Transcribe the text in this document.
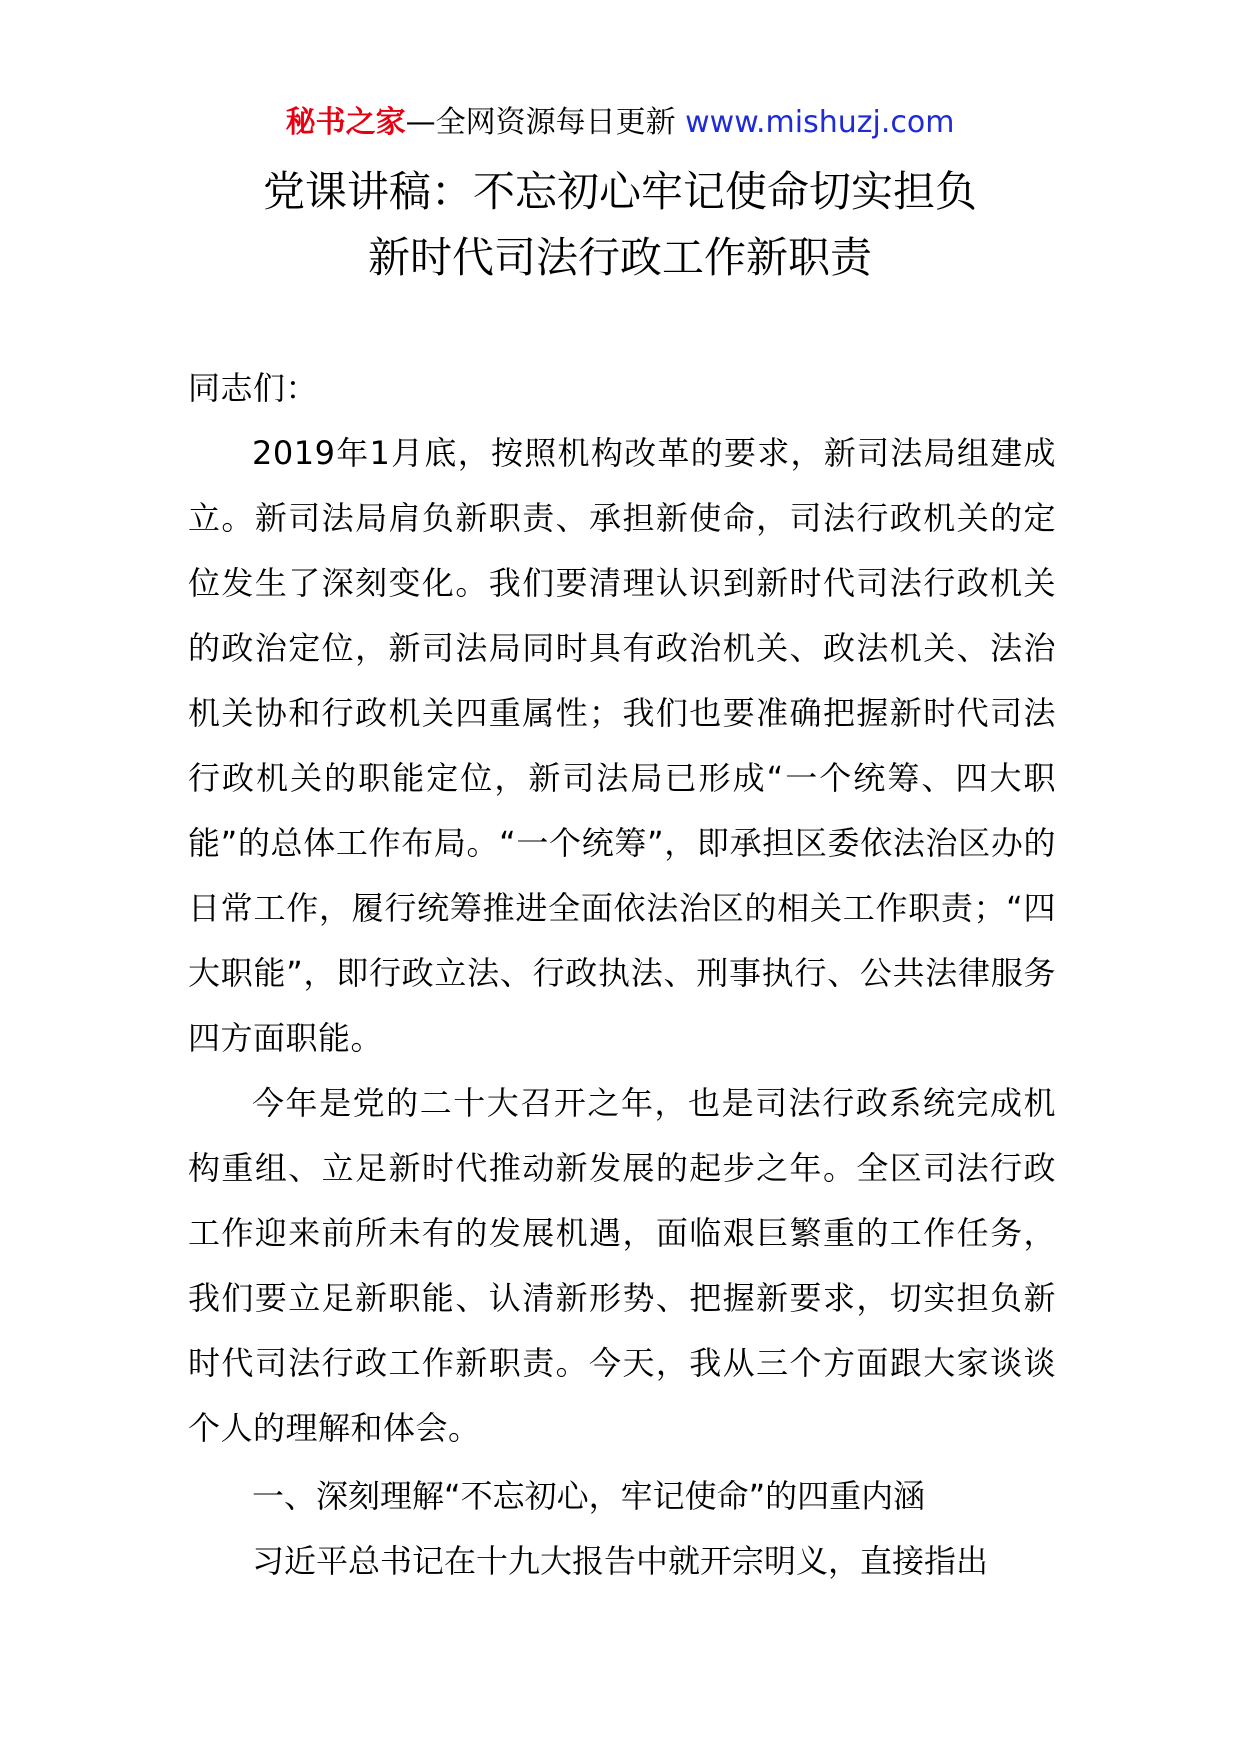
秘书之家—全网资源每日更新 www.mishuzj.com
党课讲稿：不忘初心牢记使命切实担负
新时代司法行政工作新职责
同志们：

2019年1月底，按照机构改革的要求，新司法局组建成立。新司法局肩负新职责、承担新使命，司法行政机关的定位发生了深刻变化。我们要清理认识到新时代司法行政机关的政治定位，新司法局同时具有政治机关、政法机关、法治机关协和行政机关四重属性；我们也要准确把握新时代司法行政机关的职能定位，新司法局已形成“一个统筹、四大职能”的总体工作布局。“一个统筹”，即承担区委依法治区办的日常工作，履行统筹推进全面依法治区的相关工作职责；“四大职能”，即行政立法、行政执法、刑事执行、公共法律服务四方面职能。

今年是党的二十大召开之年，也是司法行政系统完成机构重组、立足新时代推动新发展的起步之年。全区司法行政工作迎来前所未有的发展机遇，面临艰巨繁重的工作任务，我们要立足新职能、认清新形势、把握新要求，切实担负新时代司法行政工作新职责。今天，我从三个方面跟大家谈谈个人的理解和体会。

一、深刻理解“不忘初心，牢记使命”的四重内涵
习近平总书记在十九大报告中就开宗明义，直接指出
